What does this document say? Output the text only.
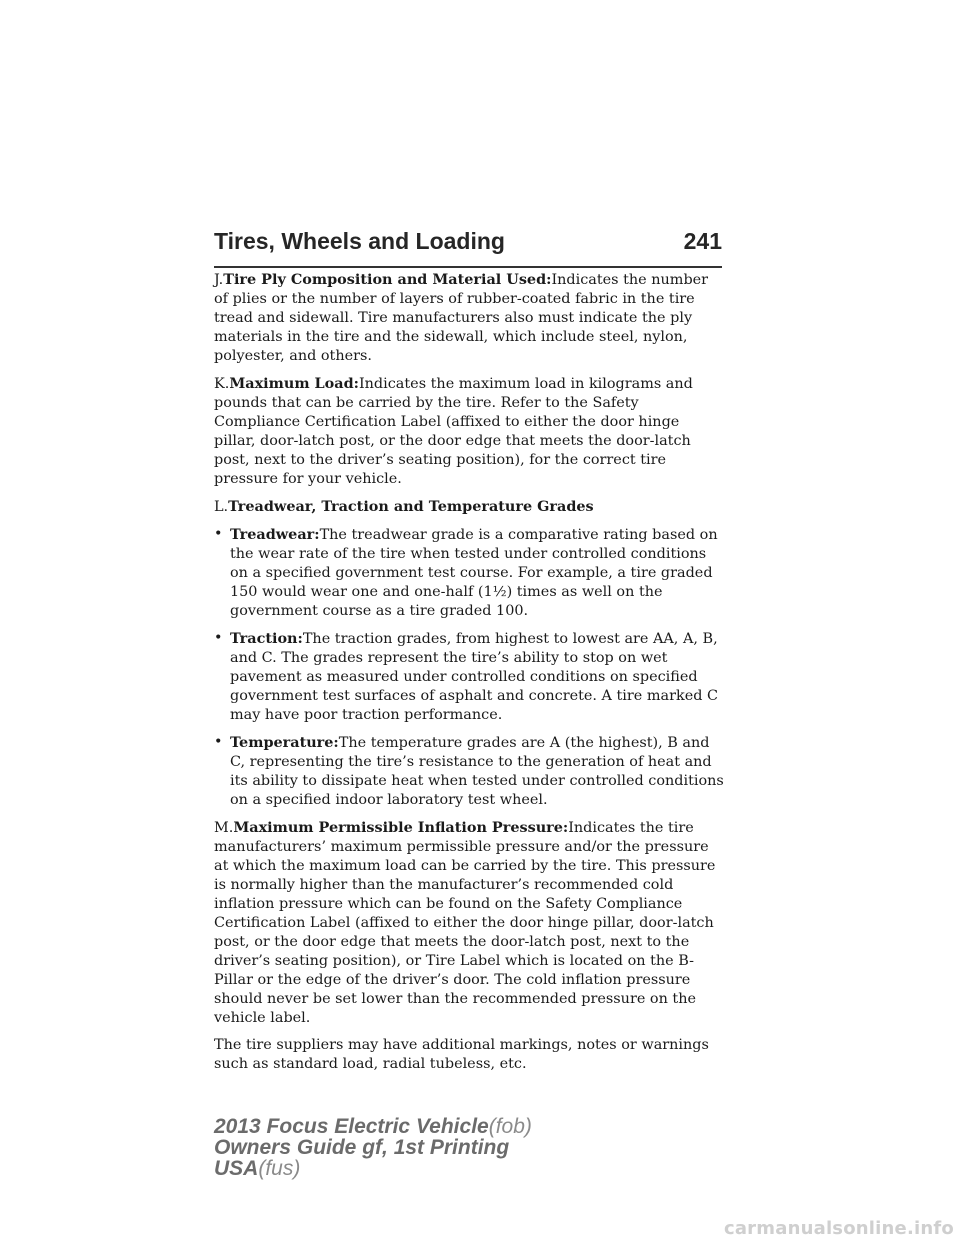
Tires, Wheels and Loading	241

J.Tire Ply Composition and Material Used:Indicates the number of plies or the number of layers of rubber-coated fabric in the tire tread and sidewall. Tire manufacturers also must indicate the ply materials in the tire and the sidewall, which include steel, nylon, polyester, and others.

K.Maximum Load:Indicates the maximum load in kilograms and pounds that can be carried by the tire. Refer to the Safety Compliance Certification Label (affixed to either the door hinge pillar, door-latch post, or the door edge that meets the door-latch post, next to the driver’s seating position), for the correct tire pressure for your vehicle.

L.Treadwear, Traction and Temperature Grades

• Treadwear:The treadwear grade is a comparative rating based on the wear rate of the tire when tested under controlled conditions on a specified government test course. For example, a tire graded 150 would wear one and one-half (1½) times as well on the government course as a tire graded 100.
• Traction:The traction grades, from highest to lowest are AA, A, B, and C. The grades represent the tire’s ability to stop on wet pavement as measured under controlled conditions on specified government test surfaces of asphalt and concrete. A tire marked C may have poor traction performance.
• Temperature:The temperature grades are A (the highest), B and C, representing the tire’s resistance to the generation of heat and its ability to dissipate heat when tested under controlled conditions on a specified indoor laboratory test wheel.

M.Maximum Permissible Inflation Pressure:Indicates the tire manufacturers’ maximum permissible pressure and/or the pressure at which the maximum load can be carried by the tire. This pressure is normally higher than the manufacturer’s recommended cold inflation pressure which can be found on the Safety Compliance Certification Label (affixed to either the door hinge pillar, door-latch post, or the door edge that meets the door-latch post, next to the driver’s seating position), or Tire Label which is located on the B-Pillar or the edge of the driver’s door. The cold inflation pressure should never be set lower than the recommended pressure on the vehicle label.

The tire suppliers may have additional markings, notes or warnings such as standard load, radial tubeless, etc.

2013 Focus Electric Vehicle(fob)
Owners Guide gf, 1st Printing
USA(fus)
carmanualsonline.info
